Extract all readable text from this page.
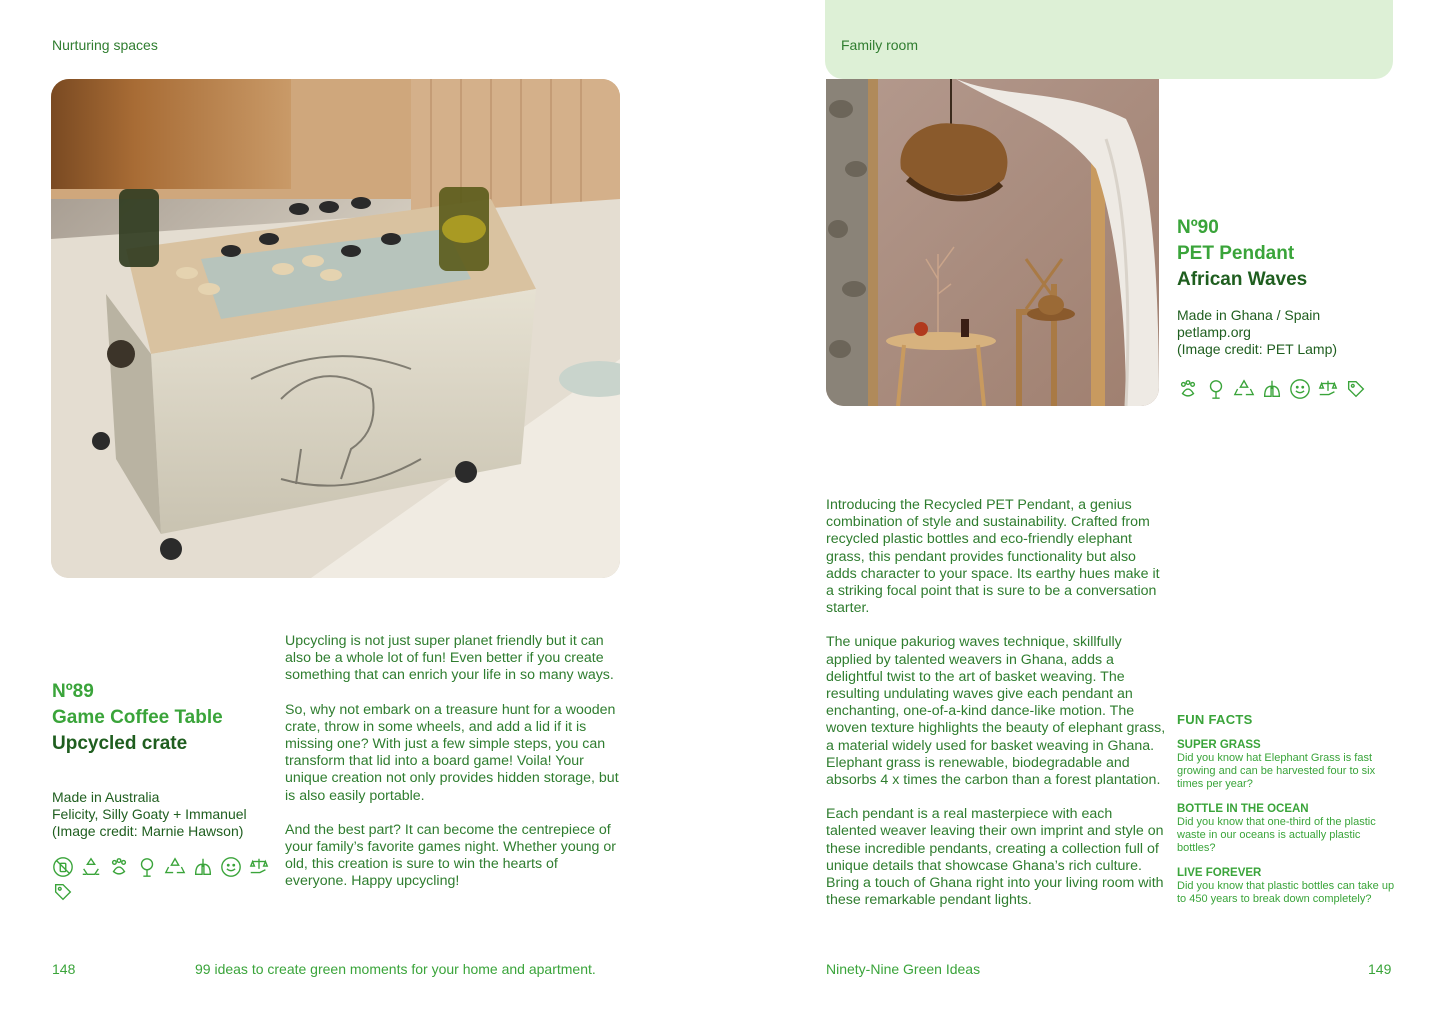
Nurturing spaces
Nº89
Game Coffee Table
Upcycled crate
Made in Australia
Felicity, Silly Goaty + Immanuel
(Image credit: Marnie Hawson)

Upcycling is not just super planet friendly but it can also be a whole lot of fun! Even better if you create something that can enrich your life in so many ways.

So, why not embark on a treasure hunt for a wooden crate, throw in some wheels, and add a lid if it is missing one? With just a few simple steps, you can transform that lid into a board game! Voila! Your unique creation not only provides hidden storage, but is also easily portable.

And the best part? It can become the centrepiece of your family’s favorite games night. Whether young or old, this creation is sure to win the hearts of everyone. Happy upcycling!

148	99 ideas to create green moments for your home and apartment.
Family room
Nº90
PET Pendant
African Waves
Made in Ghana / Spain
petlamp.org
(Image credit: PET Lamp)

Introducing the Recycled PET Pendant, a genius combination of style and sustainability. Crafted from recycled plastic bottles and eco-friendly elephant grass, this pendant provides functionality but also adds character to your space. Its earthy hues make it a striking focal point that is sure to be a conversation starter.

The unique pakuriog waves technique, skillfully applied by talented weavers in Ghana, adds a delightful twist to the art of basket weaving. The resulting undulating waves give each pendant an enchanting, one-of-a-kind dance-like motion. The woven texture highlights the beauty of elephant grass, a material widely used for basket weaving in Ghana. Elephant grass is renewable, biodegradable and absorbs 4 x times the carbon than a forest plantation.

Each pendant is a real masterpiece with each talented weaver leaving their own imprint and style on these incredible pendants, creating a collection full of unique details that showcase Ghana’s rich culture. Bring a touch of Ghana right into your living room with these remarkable pendant lights.

FUN FACTS
SUPER GRASS
Did you know hat Elephant Grass is fast growing and can be harvested four to six times per year?
BOTTLE IN THE OCEAN
Did you know that one-third of the plastic waste in our oceans is actually plastic bottles?
LIVE FOREVER
Did you know that plastic bottles can take up to 450 years to break down completely?
Ninety-Nine Green Ideas	149
